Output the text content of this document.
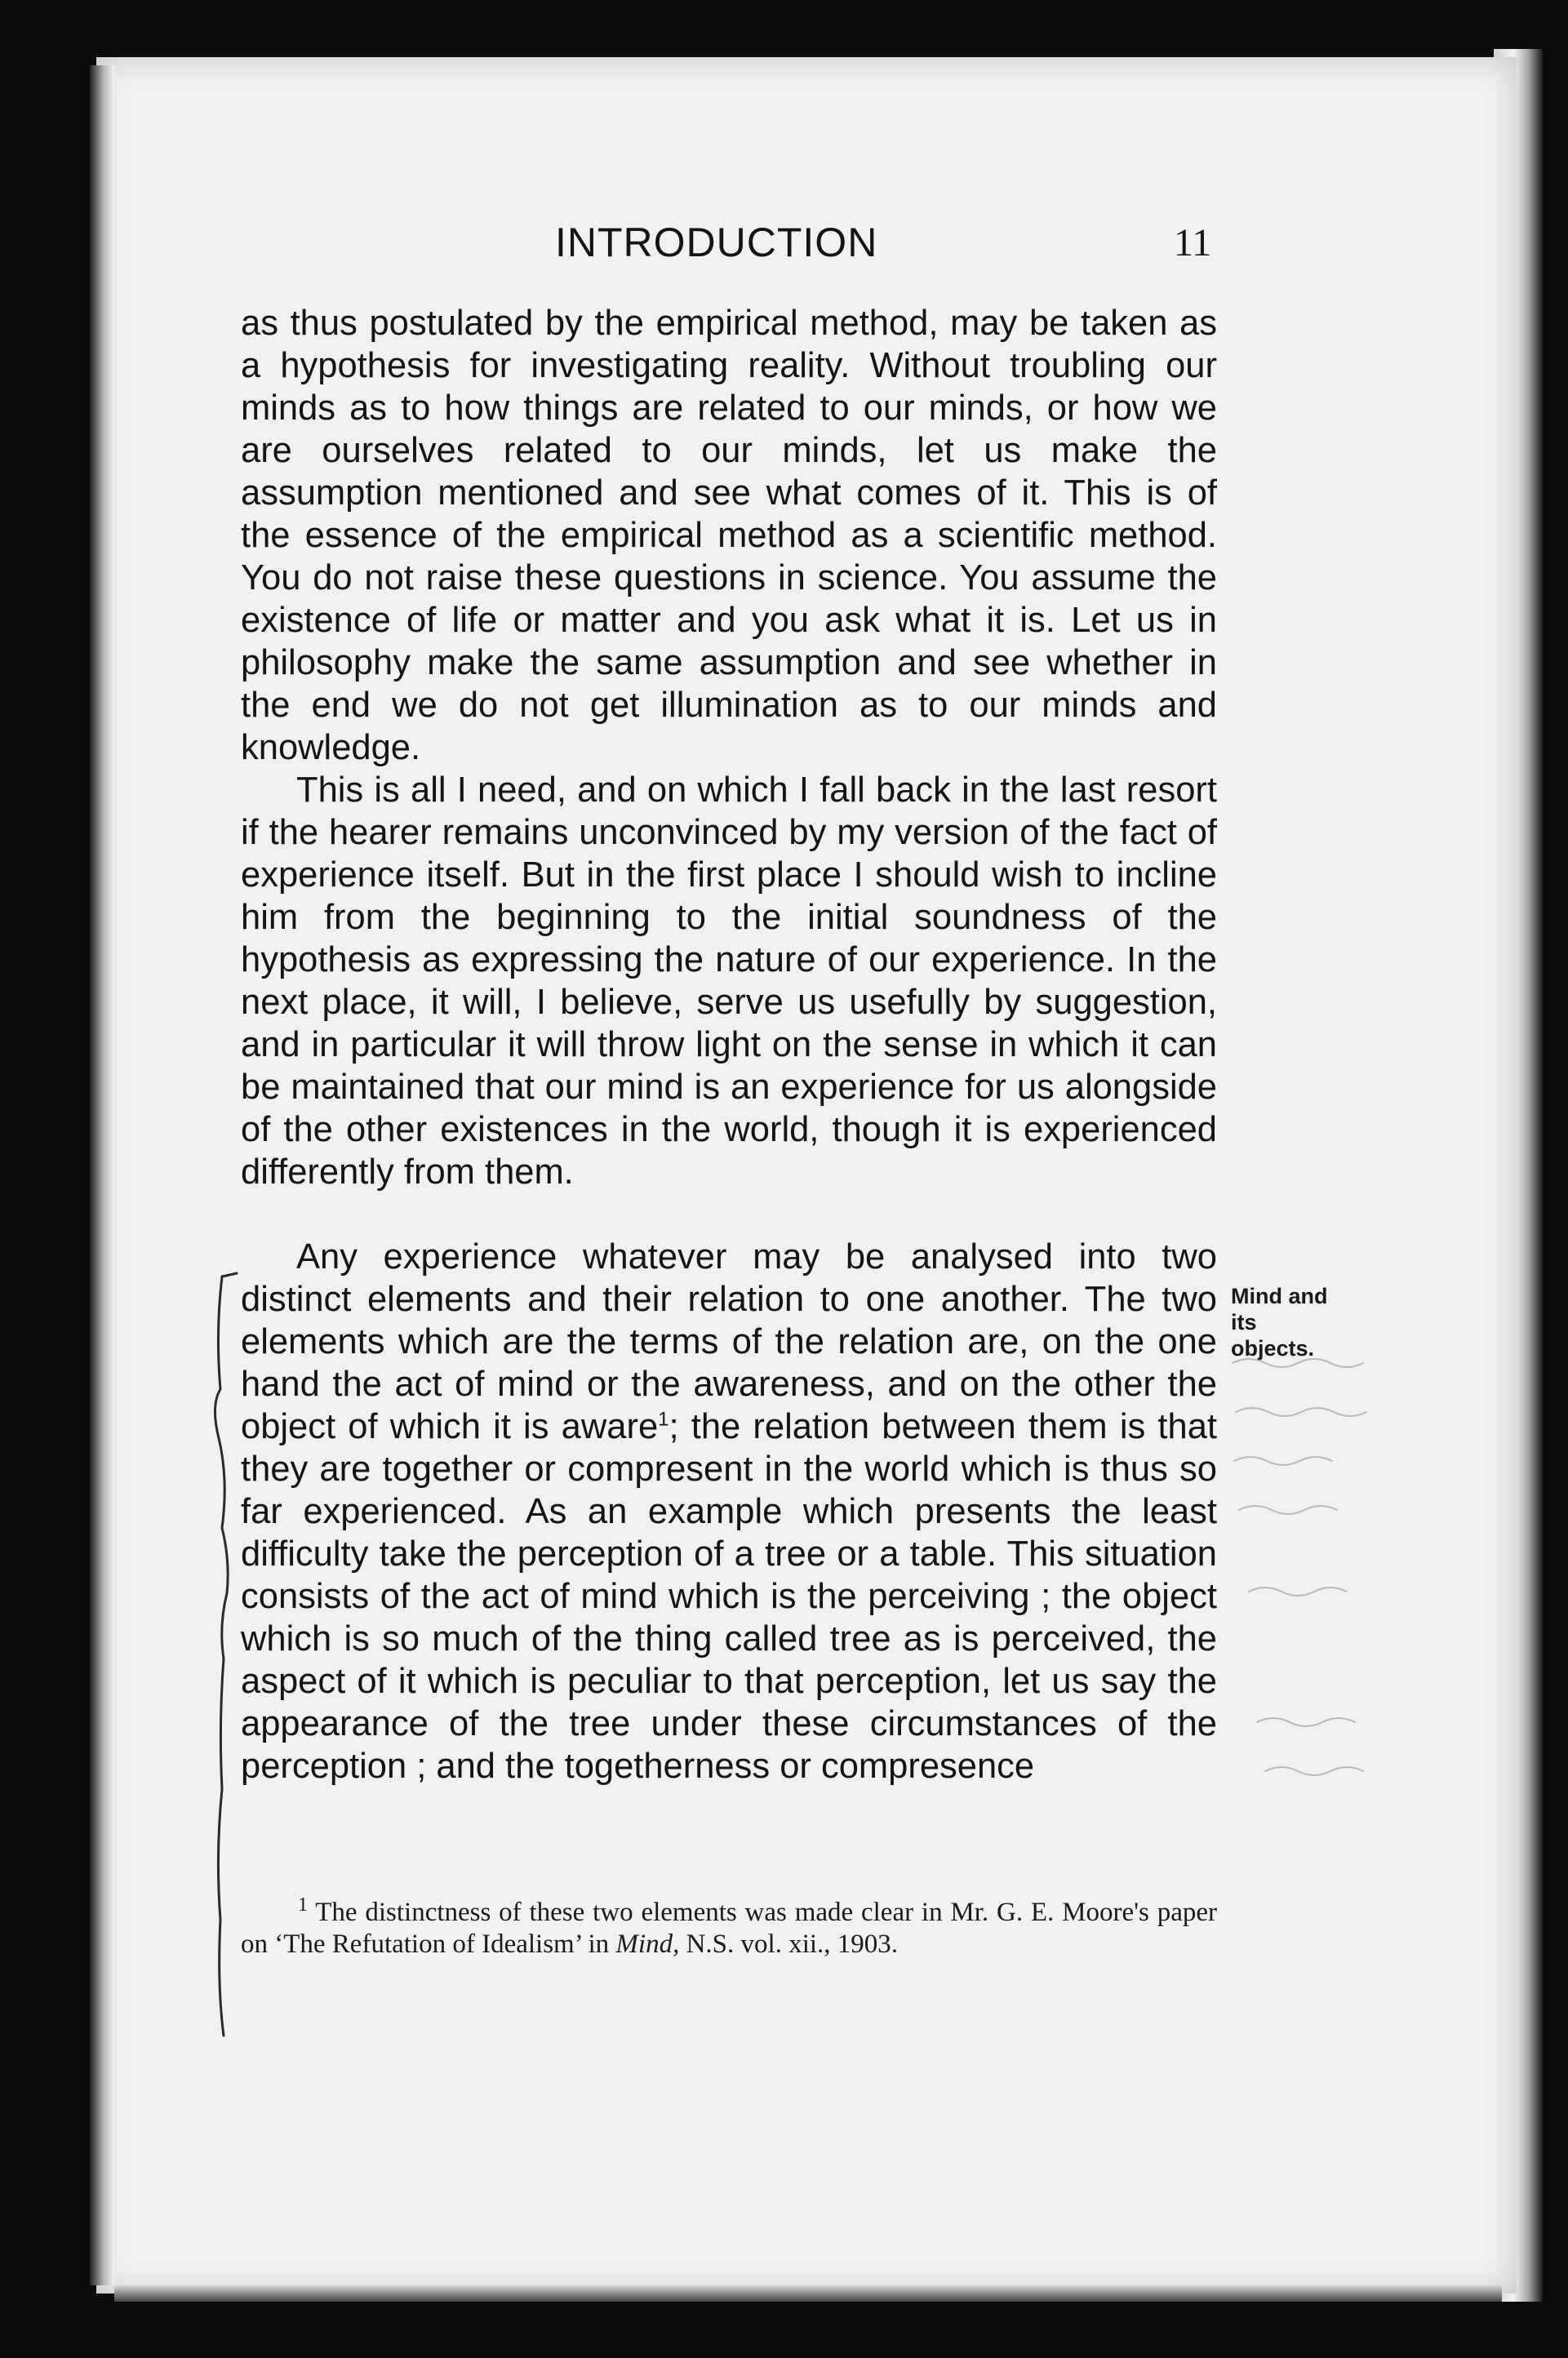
INTRODUCTION	11

as thus postulated by the empirical method, may be taken as a hypothesis for investigating reality. Without troubling our minds as to how things are related to our minds, or how we are ourselves related to our minds, let us make the assumption mentioned and see what comes of it. This is of the essence of the empirical method as a scientific method. You do not raise these questions in science. You assume the existence of life or matter and you ask what it is. Let us in philosophy make the same assumption and see whether in the end we do not get illumination as to our minds and knowledge.

This is all I need, and on which I fall back in the last resort if the hearer remains unconvinced by my version of the fact of experience itself. But in the first place I should wish to incline him from the beginning to the initial soundness of the hypothesis as expressing the nature of our experience. In the next place, it will, I believe, serve us usefully by suggestion, and in particular it will throw light on the sense in which it can be maintained that our mind is an experience for us alongside of the other existences in the world, though it is experienced differently from them.

Any experience whatever may be analysed into two distinct elements and their relation to one another. The two elements which are the terms of the relation are, on the one hand the act of mind or the awareness, and on the other the object of which it is aware$^1$; the relation between them is that they are together or compresent in the world which is thus so far experienced. As an example which presents the least difficulty take the perception of a tree or a table. This situation consists of the act of mind which is the perceiving ; the object which is so much of the thing called tree as is perceived, the aspect of it which is peculiar to that perception, let us say the appearance of the tree under these circumstances of the perception ; and the togetherness or compresence

Mind and
its objects.

$^1$ The distinctness of these two elements was made clear in Mr. G. E. Moore's paper on ‘The Refutation of Idealism’ in Mind, N.S. vol. xii., 1903.
